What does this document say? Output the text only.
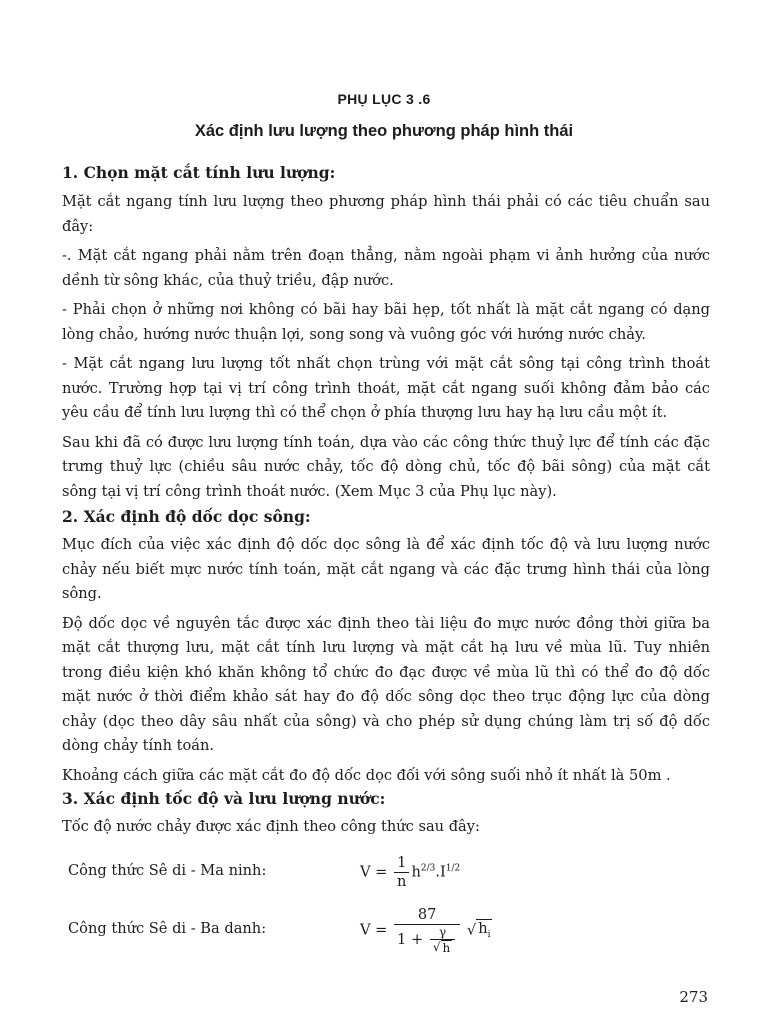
PHỤ LỤC 3 .6
Xác định lưu lượng theo phương pháp hình thái
1. Chọn mặt cắt tính lưu lượng:

Mặt cắt ngang tính lưu lượng theo phương pháp hình thái phải có các tiêu chuẩn sau đây:

-. Mặt cắt ngang phải nằm trên đoạn thẳng, nằm ngoài phạm vi ảnh hưởng của nước dềnh từ sông khác, của thuỷ triều, đập nước.

- Phải chọn ở những nơi không có bãi hay bãi hẹp, tốt nhất là mặt cắt ngang có dạng lòng chảo, hướng nước thuận lợi, song song và vuông góc với hướng nước chảy.

- Mặt cắt ngang lưu lượng tốt nhất chọn trùng với mặt cắt sông tại công trình thoát nước. Trường hợp tại vị trí công trình thoát, mặt cắt ngang suối không đảm bảo các yêu cầu để tính lưu lượng thì có thể chọn ở phía thượng lưu hay hạ lưu cầu một ít.

Sau khi đã có được lưu lượng tính toán, dựa vào các công thức thuỷ lực để tính các đặc trưng thuỷ lực (chiều sâu nước chảy, tốc độ dòng chủ, tốc độ bãi sông) của mặt cắt sông tại vị trí công trình thoát nước. (Xem Mục 3 của Phụ lục này).

2. Xác định độ dốc dọc sông:

Mục đích của việc xác định độ dốc dọc sông là để xác định tốc độ và lưu lượng nước chảy nếu biết mực nước tính toán, mặt cắt ngang và các đặc trưng hình thái của lòng sông.

Độ dốc dọc về nguyên tắc được xác định theo tài liệu đo mực nước đồng thời giữa ba mặt cắt thượng lưu, mặt cắt tính lưu lượng và mặt cắt hạ lưu về mùa lũ. Tuy nhiên trong điều kiện khó khăn không tổ chức đo đạc được về mùa lũ thì có thể đo độ dốc mặt nước ở thời điểm khảo sát hay đo độ dốc sông dọc theo trục động lực của dòng chảy (dọc theo dây sâu nhất của sông) và cho phép sử dụng chúng làm trị số độ dốc dòng chảy tính toán.

Khoảng cách giữa các mặt cắt đo độ dốc dọc đối với sông suối nhỏ ít nhất là 50m .

3. Xác định tốc độ và lưu lượng nước:

Tốc độ nước chảy được xác định theo công thức sau đây:

Công thức Sê di - Ma ninh:	$V = \frac{1}{n} h^{2/3}.I^{1/2}$
Công thức Sê di - Ba danh:	$V = \frac{87}{1 + \frac{\gamma}{√ h}}$ √ $h_i$
273
